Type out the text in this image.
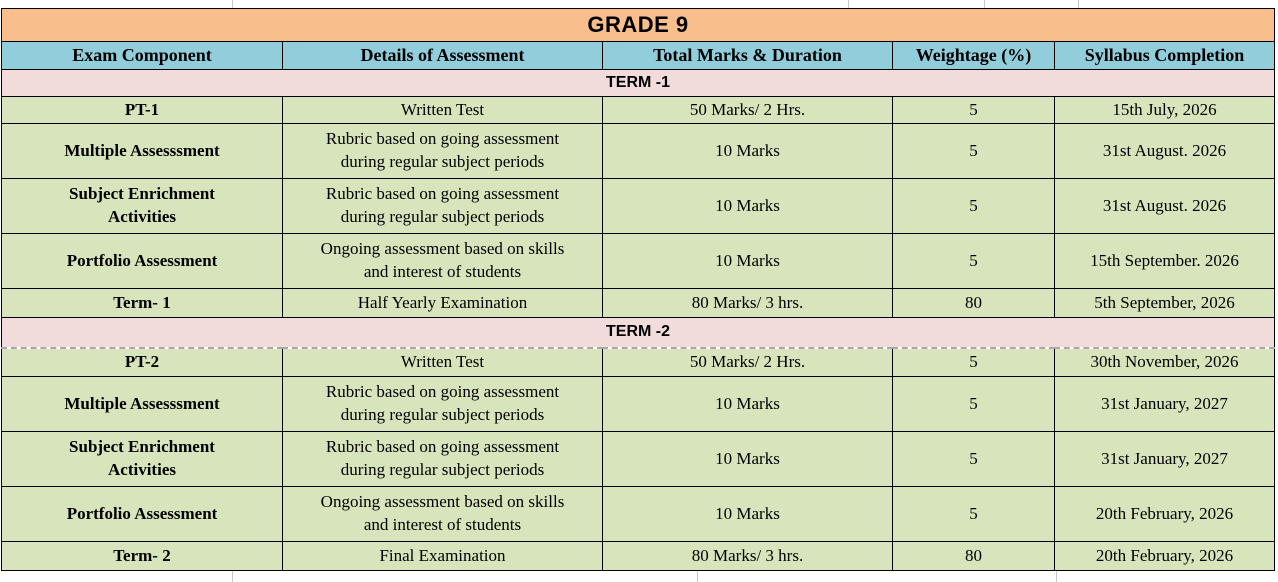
GRADE 9				
Exam Component	Details of Assessment	Total Marks & Duration	Weightage (%)	Syllabus Completion
TERM -1				
PT-1	Written Test	50 Marks/ 2 Hrs.	5	15th July, 2026
Multiple Assesssment	Rubric based on going assessment during regular subject periods	10 Marks	5	31st August. 2026
Subject Enrichment Activities	Rubric based on going assessment during regular subject periods	10 Marks	5	31st August. 2026
Portfolio Assessment	Ongoing assessment based on skills and interest of students	10 Marks	5	15th September. 2026
Term- 1	Half Yearly Examination	80 Marks/ 3 hrs.	80	5th September, 2026
TERM -2				
PT-2	Written Test	50 Marks/ 2 Hrs.	5	30th November, 2026
Multiple Assesssment	Rubric based on going assessment during regular subject periods	10 Marks	5	31st January, 2027
Subject Enrichment Activities	Rubric based on going assessment during regular subject periods	10 Marks	5	31st January, 2027
Portfolio Assessment	Ongoing assessment based on skills and interest of students	10 Marks	5	20th February, 2026
Term- 2	Final Examination	80 Marks/ 3 hrs.	80	20th February, 2026
